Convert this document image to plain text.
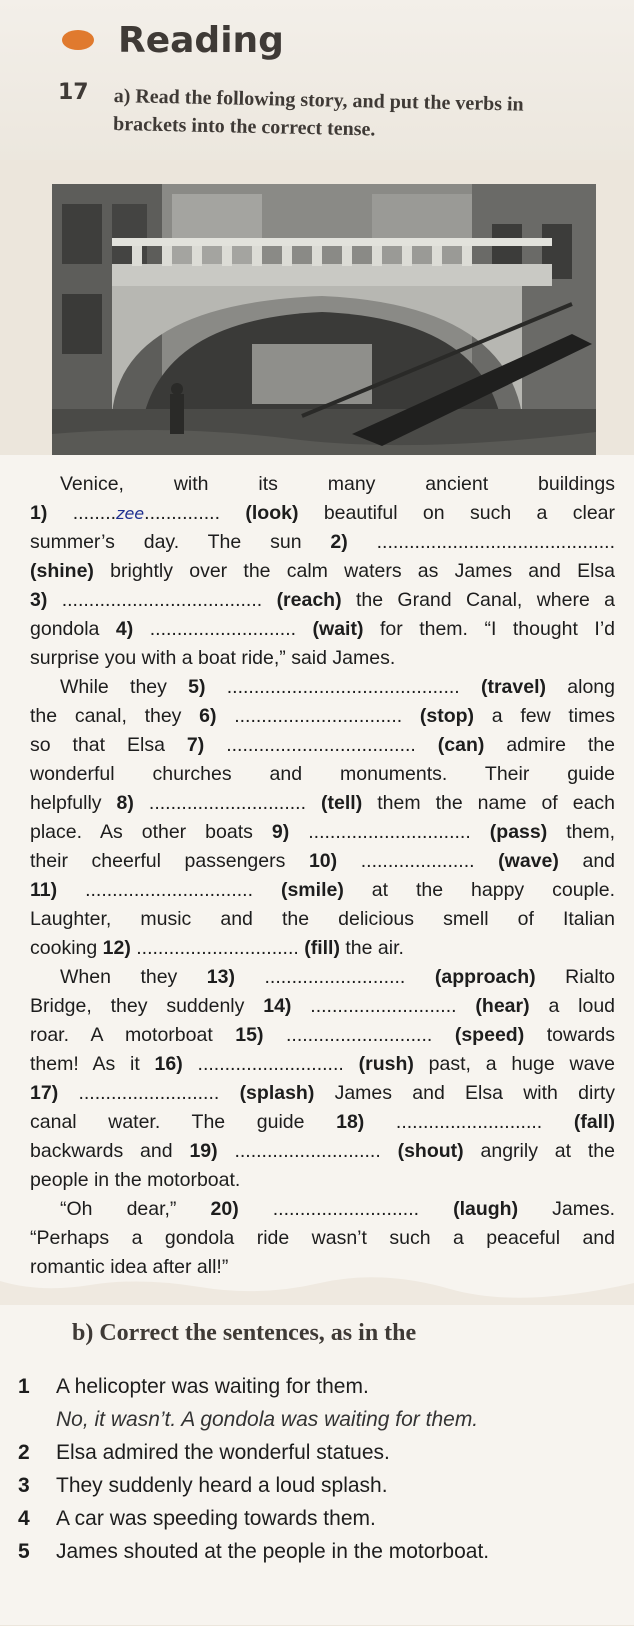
Reading
17 a) Read the following story, and put the verbs in brackets into the correct tense.

Venice, with its many ancient buildings

1) ........zee.............. (look) beautiful on such a clear

summer’s day. The sun 2) ............................................

(shine) brightly over the calm waters as James and Elsa

3) ..................................... (reach) the Grand Canal, where a

gondola 4) ........................... (wait) for them. “I thought I’d

surprise you with a boat ride,” said James.

While they 5) ........................................... (travel) along

the canal, they 6) ............................... (stop) a few times

so that Elsa 7) ................................... (can) admire the

wonderful churches and monuments. Their guide

helpfully 8) ............................. (tell) them the name of each

place. As other boats 9) .............................. (pass) them,

their cheerful passengers 10) ..................... (wave) and

11) ............................... (smile) at the happy couple.

Laughter, music and the delicious smell of Italian

cooking 12) .............................. (fill) the air.

When they 13) .......................... (approach) Rialto

Bridge, they suddenly 14) ........................... (hear) a loud

roar. A motorboat 15) ........................... (speed) towards

them! As it 16) ........................... (rush) past, a huge wave

17) .......................... (splash) James and Elsa with dirty

canal water. The guide 18) ........................... (fall)

backwards and 19) ........................... (shout) angrily at the

people in the motorboat.

“Oh dear,” 20) ........................... (laugh) James.

“Perhaps a gondola ride wasn’t such a peaceful and

romantic idea after all!”

b) Correct the sentences, as in the
1	A helicopter was waiting for them.
No, it wasn’t. A gondola was waiting for them.
2	Elsa admired the wonderful statues.
3	They suddenly heard a loud splash.
4	A car was speeding towards them.
5	James shouted at the people in the motorboat.
